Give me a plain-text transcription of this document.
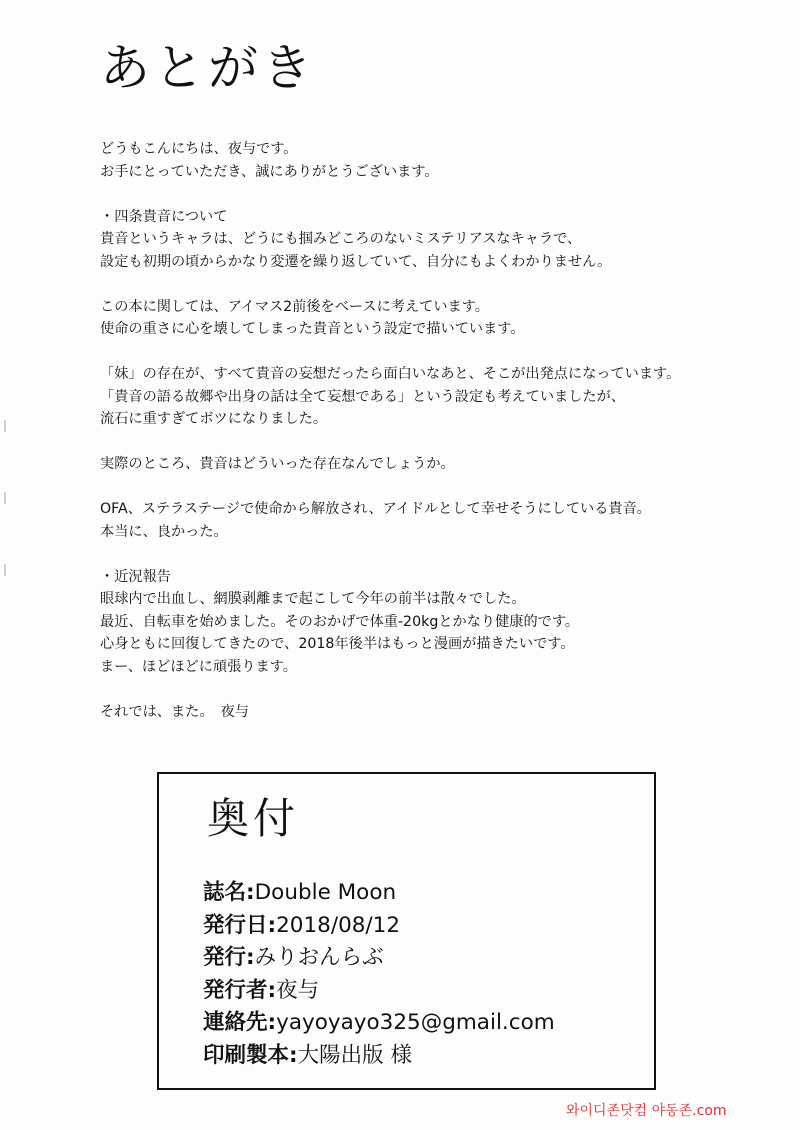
あとがき

どうもこんにちは、夜与です。
お手にとっていただき、誠にありがとうございます。

・四条貴音について
貴音というキャラは、どうにも掴みどころのないミステリアスなキャラで、
設定も初期の頃からかなり変遷を繰り返していて、自分にもよくわかりません。

この本に関しては、アイマス2前後をベースに考えています。
使命の重さに心を壊してしまった貴音という設定で描いています。

「妹」の存在が、すべて貴音の妄想だったら面白いなあと、そこが出発点になっています。
「貴音の語る故郷や出身の話は全て妄想である」という設定も考えていましたが、
流石に重すぎてボツになりました。

実際のところ、貴音はどういった存在なんでしょうか。

OFA、ステラステージで使命から解放され、アイドルとして幸せそうにしている貴音。
本当に、良かった。

・近況報告
眼球内で出血し、網膜剥離まで起こして今年の前半は散々でした。
最近、自転車を始めました。そのおかげで体重-20kgとかなり健康的です。
心身ともに回復してきたので、2018年後半はもっと漫画が描きたいです。
まー、ほどほどに頑張ります。

それでは、また。　夜与

奥付
誌名:Double Moon
発行日:2018/08/12
発行:みりおんらぶ
発行者:夜与
連絡先:yayoyayo325@gmail.com
印刷製本:大陽出版 様
와이디존닷컴 야동존.com
